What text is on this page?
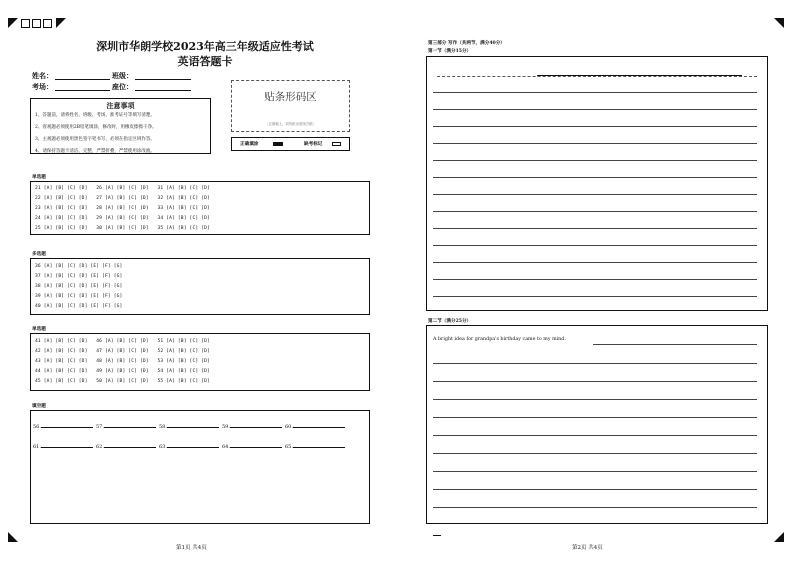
深圳市华朗学校2023年高三年级适应性考试
英语答题卡
姓名：	班级：
考场：	座位：
注意事项

1、答题前，请将姓名、班级、考场、准考证号等填写清楚。

2、客观题必须使用2B铅笔填涂，修改时，用橡皮擦擦干净。

3、主观题必须使用黑色签字笔书写，必须在指定区域作答。

4、请保持答题卡清洁、完整，严禁折叠，严禁使用涂改液。

贴条形码区
（正面朝上，切勿贴出虚线方框）
正确填涂	缺考标记
单选题
21 [A] [B] [C] [D]   26 [A] [B] [C] [D]   31 [A] [B] [C] [D]
22 [A] [B] [C] [D]   27 [A] [B] [C] [D]   32 [A] [B] [C] [D]
23 [A] [B] [C] [D]   28 [A] [B] [C] [D]   33 [A] [B] [C] [D]
24 [A] [B] [C] [D]   29 [A] [B] [C] [D]   34 [A] [B] [C] [D]
25 [A] [B] [C] [D]   30 [A] [B] [C] [D]   35 [A] [B] [C] [D]
多选题
36 [A] [B] [C] [D] [E] [F] [G]
37 [A] [B] [C] [D] [E] [F] [G]
38 [A] [B] [C] [D] [E] [F] [G]
39 [A] [B] [C] [D] [E] [F] [G]
40 [A] [B] [C] [D] [E] [F] [G]
单选题
41 [A] [B] [C] [D]   46 [A] [B] [C] [D]   51 [A] [B] [C] [D]
42 [A] [B] [C] [D]   47 [A] [B] [C] [D]   52 [A] [B] [C] [D]
43 [A] [B] [C] [D]   48 [A] [B] [C] [D]   53 [A] [B] [C] [D]
44 [A] [B] [C] [D]   49 [A] [B] [C] [D]   54 [A] [B] [C] [D]
45 [A] [B] [C] [D]   50 [A] [B] [C] [D]   55 [A] [B] [C] [D]
填空题
56.	57.	58.	59.	60.
61.	62.	63.	64.	65.
第1页 共4页
第三部分 写作（共两节，满分40分）
第一节（满分15分）
第二节（满分25分）
A bright idea for grandpa's birthday came to my mind.
第2页 共4页
